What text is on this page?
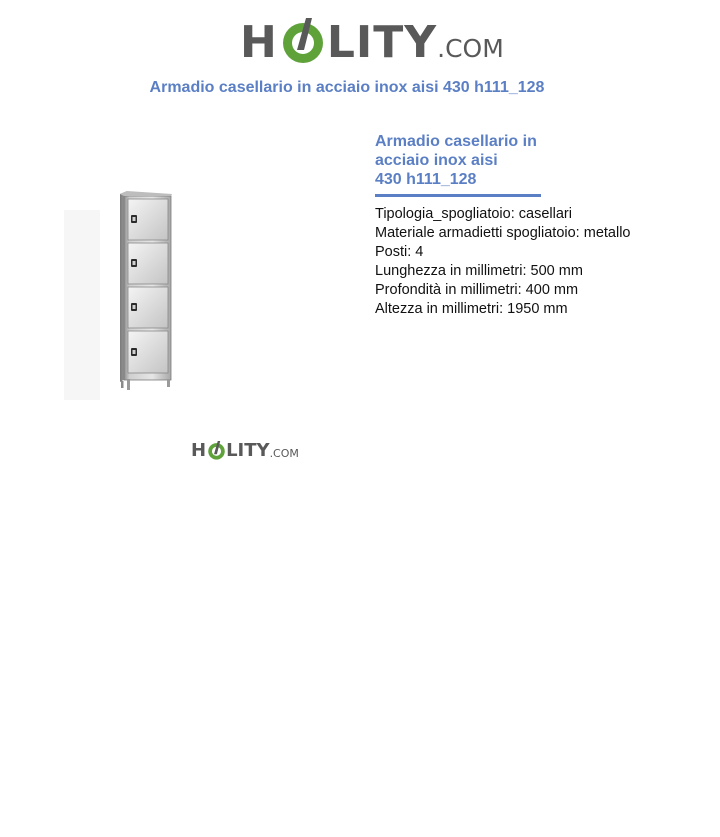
H LITY .COM
Armadio casellario in acciaio inox aisi 430 h111_128
Armadio casellario in
acciaio inox aisi
430 h111_128
Tipologia_spogliatoio: casellari
Materiale armadietti spogliatoio: metallo
Posti: 4
Lunghezza in millimetri: 500 mm
Profondità in millimetri: 400 mm
Altezza in millimetri: 1950 mm
H LITY .COM
